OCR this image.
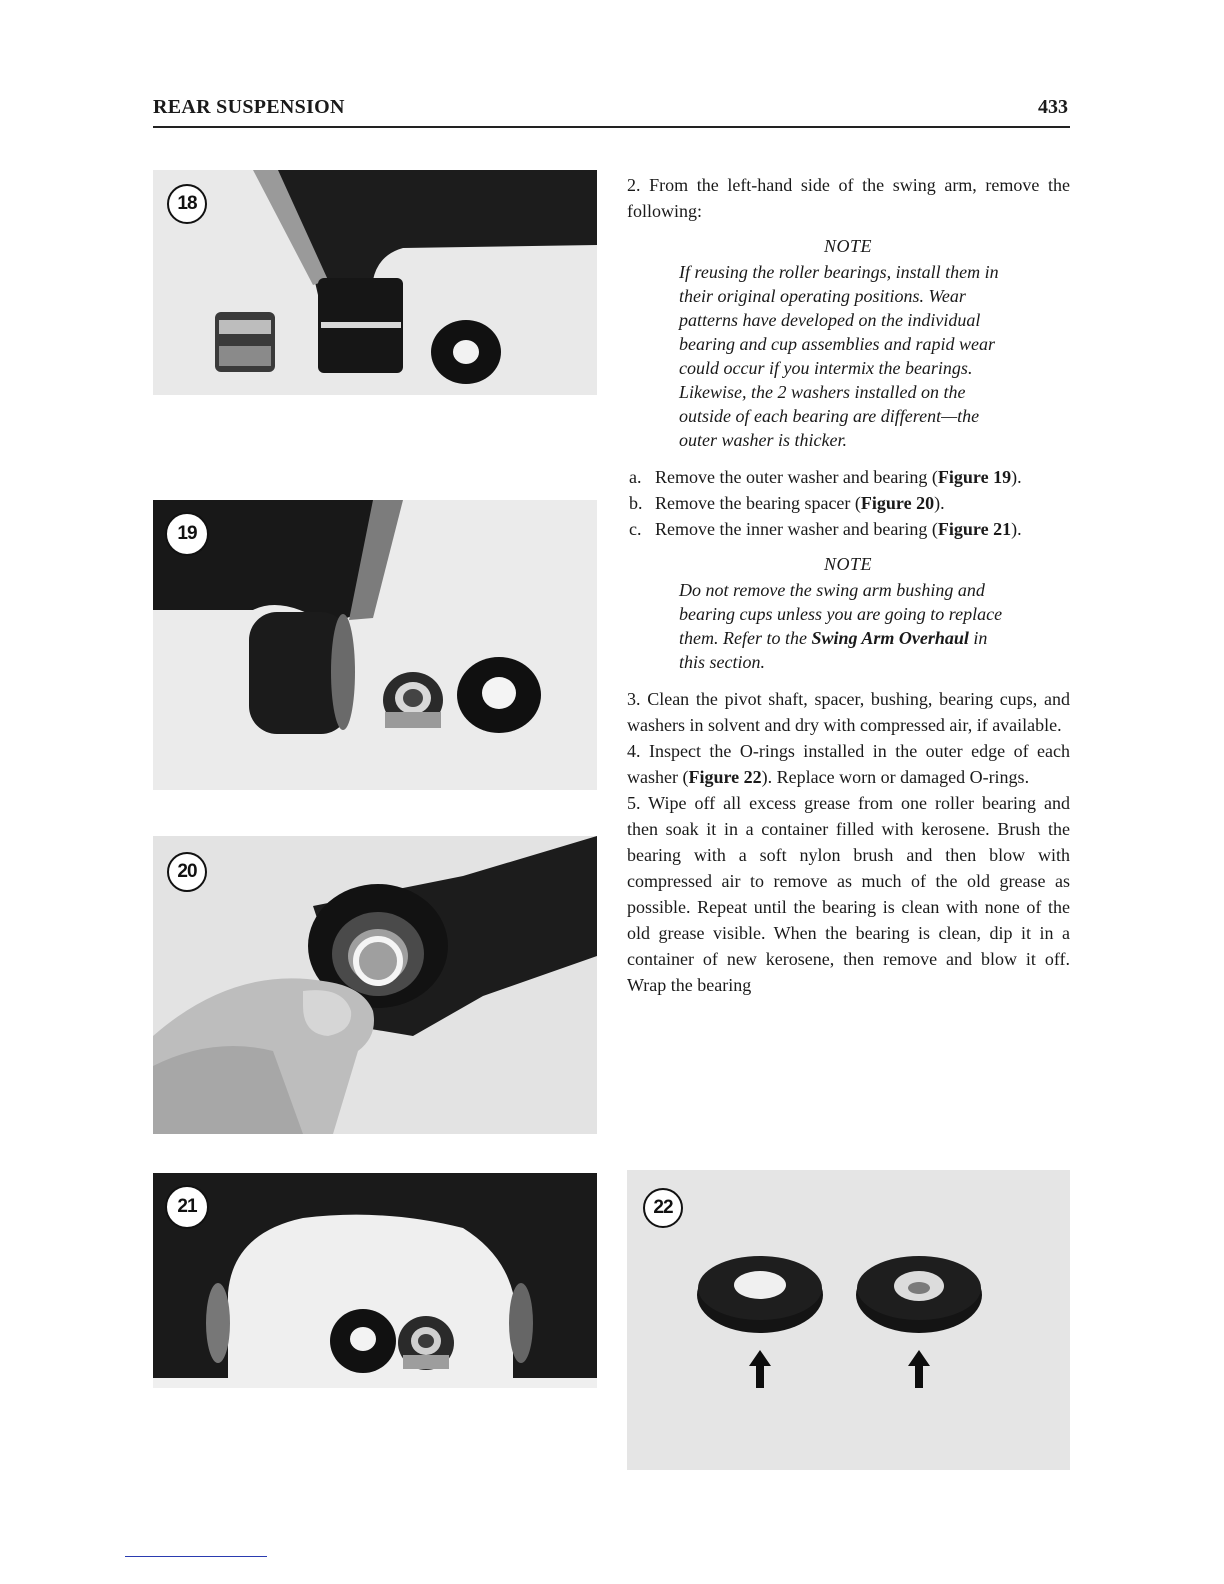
REAR SUSPENSION	433
18
19
20
21	22

2. From the left-hand side of the swing arm, remove the following:

NOTE
If reusing the roller bearings, install them in their original operating positions. Wear patterns have developed on the individual bearing and cup assemblies and rapid wear could occur if you intermix the bearings. Likewise, the 2 washers installed on the outside of each bearing are different—the outer washer is thicker.
a. Remove the outer washer and bearing (Figure 19).
b. Remove the bearing spacer (Figure 20).
c. Remove the inner washer and bearing (Figure 21).
NOTE
Do not remove the swing arm bushing and bearing cups unless you are going to replace them. Refer to the Swing Arm Overhaul in this section.

3. Clean the pivot shaft, spacer, bushing, bearing cups, and washers in solvent and dry with compressed air, if available.

4. Inspect the O-rings installed in the outer edge of each washer (Figure 22). Replace worn or damaged O-rings.

5. Wipe off all excess grease from one roller bearing and then soak it in a container filled with kerosene. Brush the bearing with a soft nylon brush and then blow with compressed air to remove as much of the old grease as possible. Repeat until the bearing is clean with none of the old grease visible. When the bearing is clean, dip it in a container of new kerosene, then remove and blow it off. Wrap the bearing
